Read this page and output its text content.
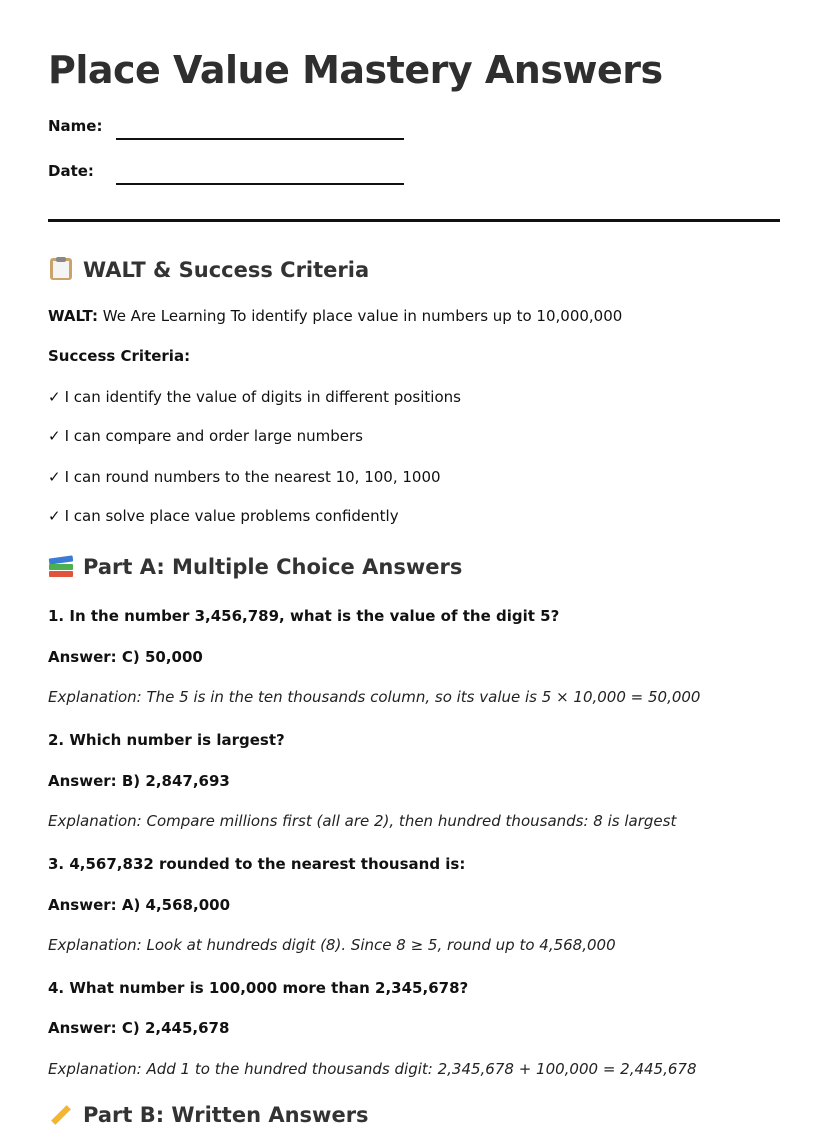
Place Value Mastery Answers
Name:
Date:
WALT & Success Criteria
WALT: We Are Learning To identify place value in numbers up to 10,000,000
Success Criteria:
✓ I can identify the value of digits in different positions
✓ I can compare and order large numbers
✓ I can round numbers to the nearest 10, 100, 1000
✓ I can solve place value problems confidently
Part A: Multiple Choice Answers
1. In the number 3,456,789, what is the value of the digit 5?
Answer: C) 50,000
Explanation: The 5 is in the ten thousands column, so its value is 5 × 10,000 = 50,000
2. Which number is largest?
Answer: B) 2,847,693
Explanation: Compare millions first (all are 2), then hundred thousands: 8 is largest
3. 4,567,832 rounded to the nearest thousand is:
Answer: A) 4,568,000
Explanation: Look at hundreds digit (8). Since 8 ≥ 5, round up to 4,568,000
4. What number is 100,000 more than 2,345,678?
Answer: C) 2,445,678
Explanation: Add 1 to the hundred thousands digit: 2,345,678 + 100,000 = 2,445,678
Part B: Written Answers
